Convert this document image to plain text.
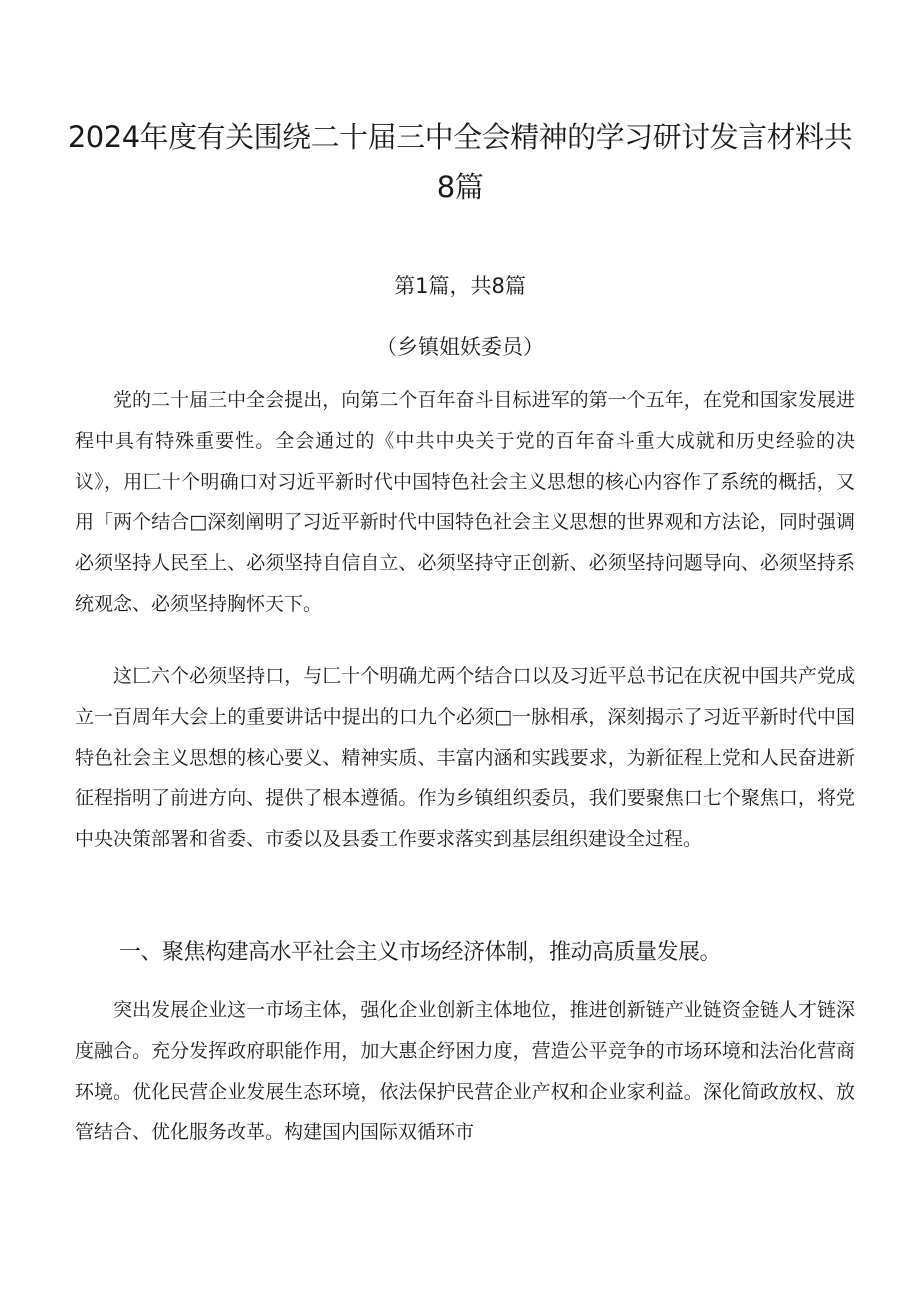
2024年度有关围绕二十届三中全会精神的学习研讨发言材料共8篇
第1篇，共8篇
（乡镇姐妖委员）

党的二十届三中全会提出，向第二个百年奋斗目标进军的第一个五年，在党和国家发展进程中具有特殊重要性。全会通过的《中共中央关于党的百年奋斗重大成就和历史经验的决议》，用匚十个明确口对习近平新时代中国特色社会主义思想的核心内容作了系统的概括，又用「两个结合□深刻阐明了习近平新时代中国特色社会主义思想的世界观和方法论，同时强调必须坚持人民至上、必须坚持自信自立、必须坚持守正创新、必须坚持问题导向、必须坚持系统观念、必须坚持胸怀天下。

这匚六个必须坚持口，与匚十个明确尤两个结合口以及习近平总书记在庆祝中国共产党成立一百周年大会上的重要讲话中提出的口九个必须□一脉相承，深刻揭示了习近平新时代中国特色社会主义思想的核心要义、精神实质、丰富内涵和实践要求，为新征程上党和人民奋进新征程指明了前进方向、提供了根本遵循。作为乡镇组织委员，我们要聚焦口七个聚焦口，将党中央决策部署和省委、市委以及县委工作要求落实到基层组织建设全过程。

一、聚焦构建高水平社会主义市场经济体制，推动高质量发展。

突出发展企业这一市场主体，强化企业创新主体地位，推进创新链产业链资金链人才链深度融合。充分发挥政府职能作用，加大惠企纾困力度，营造公平竞争的市场环境和法治化营商环境。优化民营企业发展生态环境，依法保护民营企业产权和企业家利益。深化简政放权、放管结合、优化服务改革。构建国内国际双循环市
